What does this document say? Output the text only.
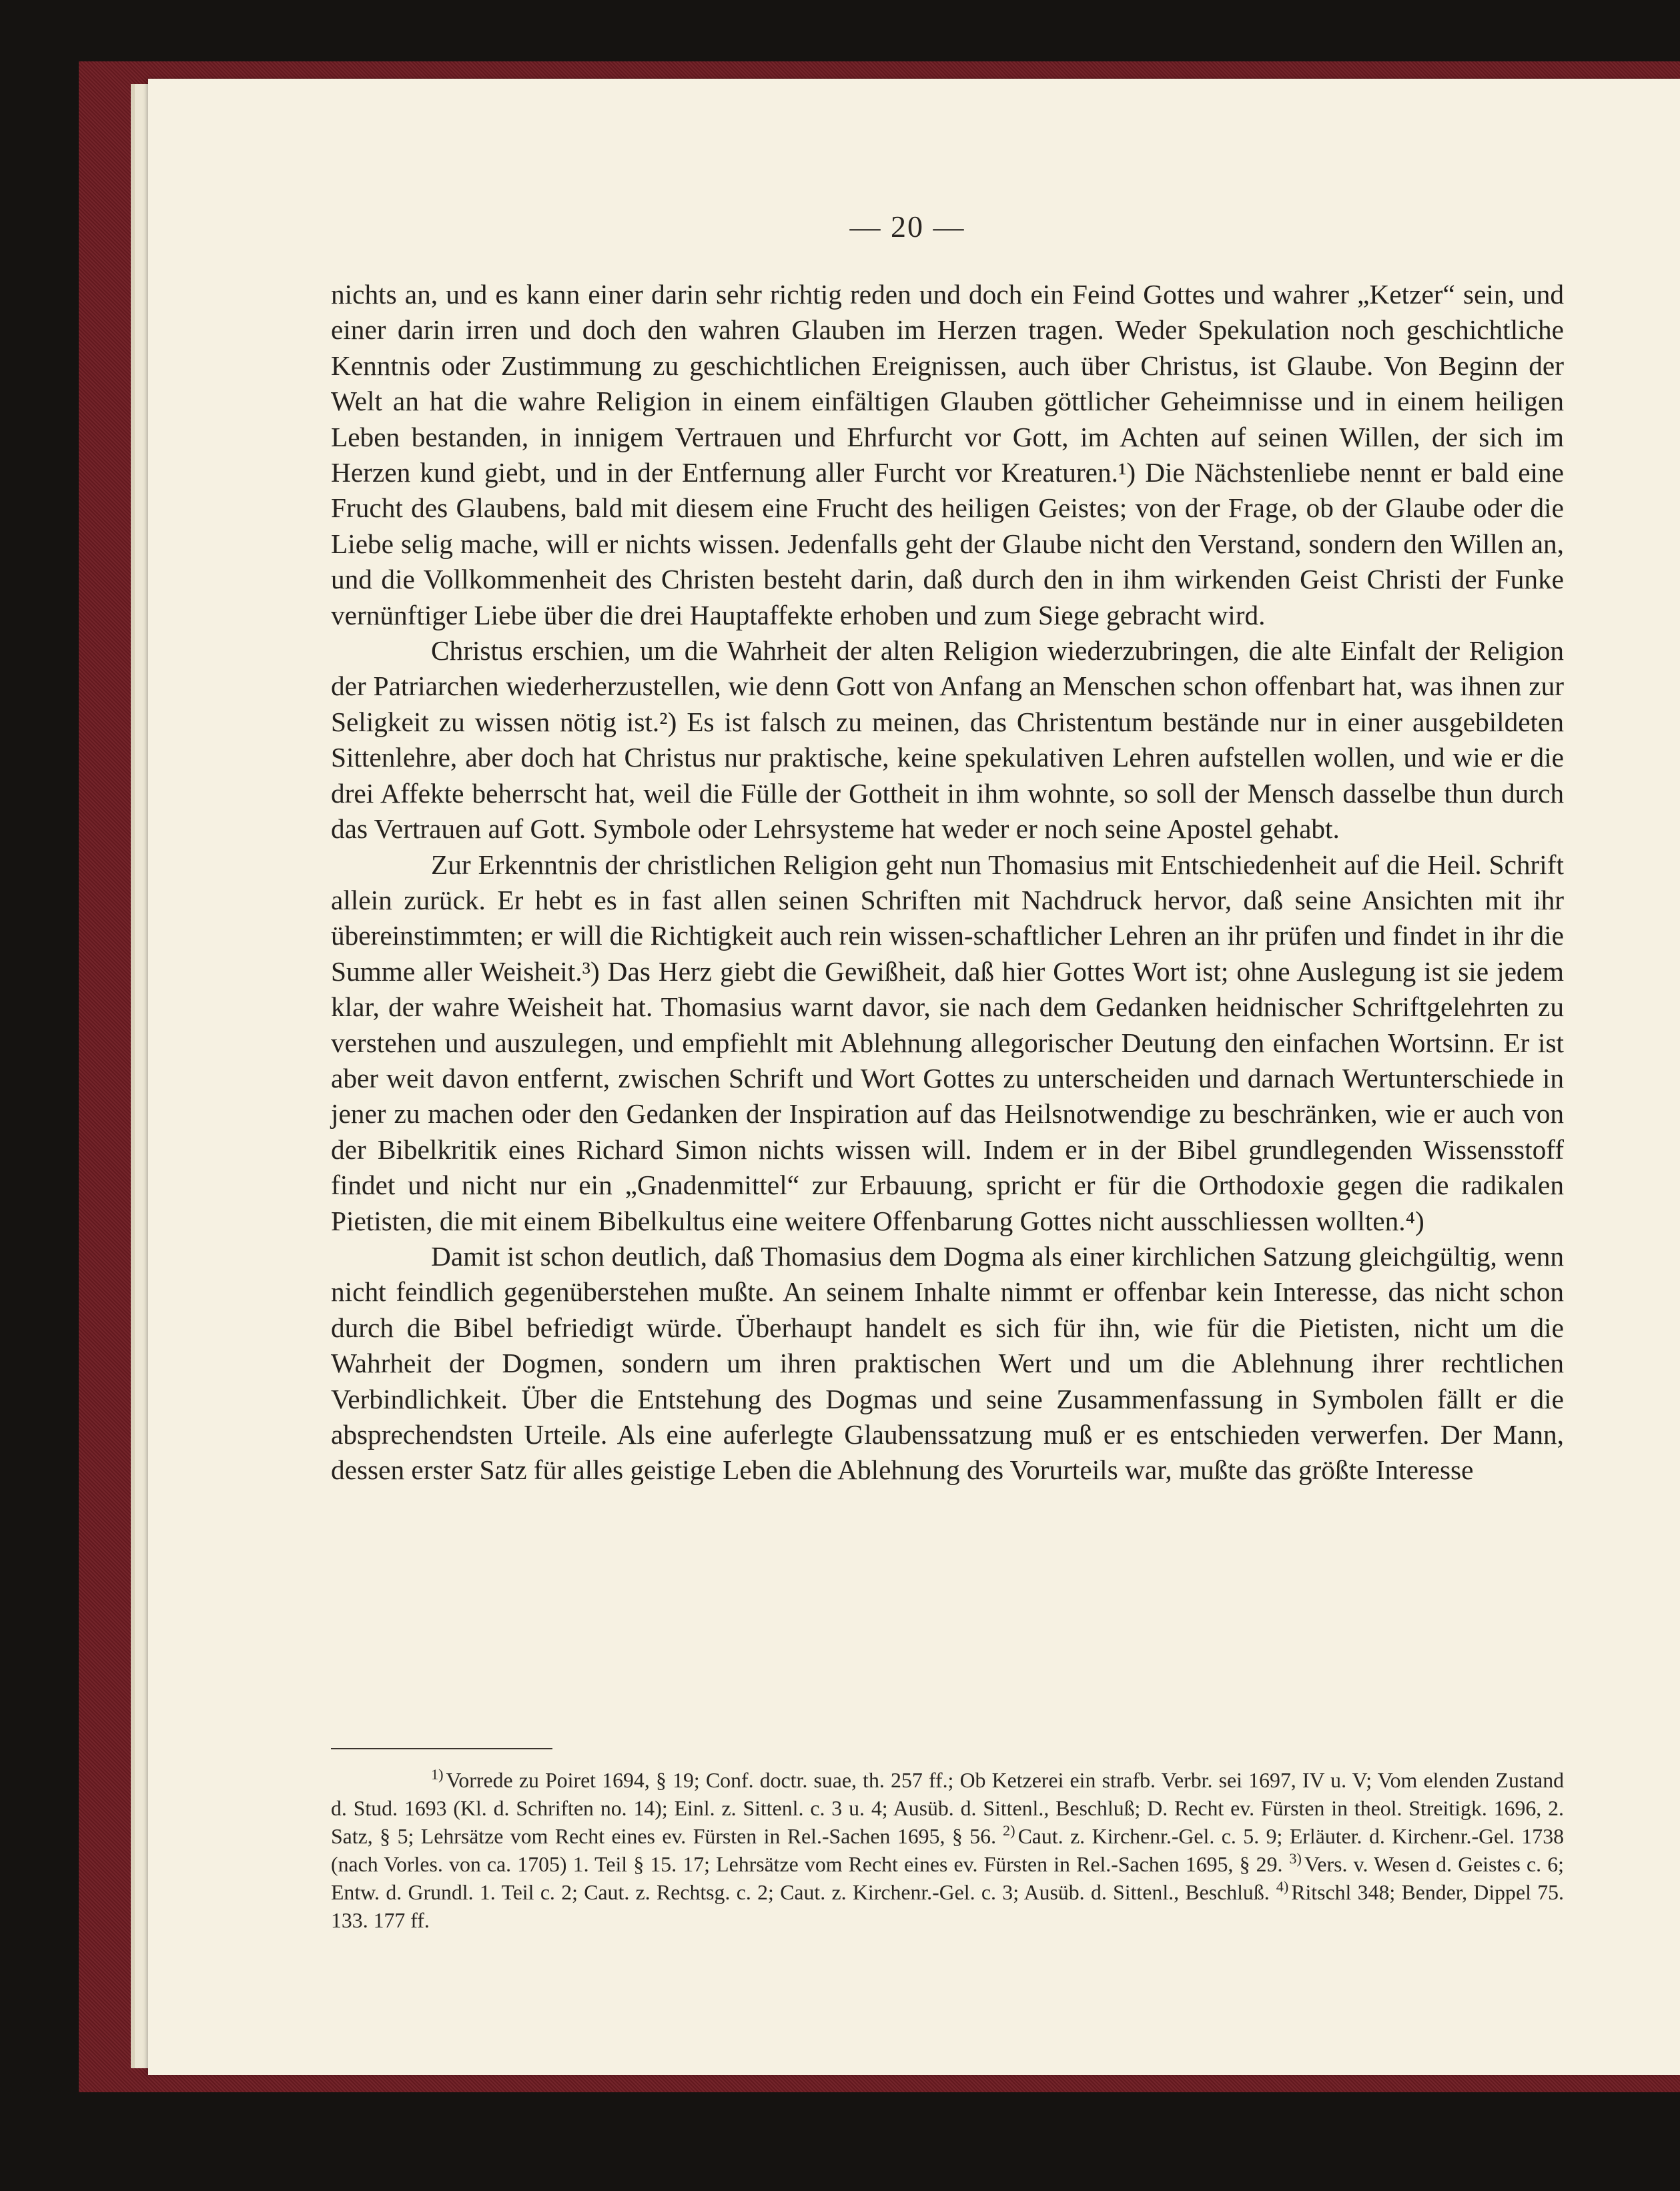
— 20 —

nichts an, und es kann einer darin sehr richtig reden und doch ein Feind Gottes und wahrer „Ketzer“ sein, und einer darin irren und doch den wahren Glauben im Herzen tragen. Weder Spekulation noch geschichtliche Kenntnis oder Zustimmung zu geschichtlichen Ereignissen, auch über Christus, ist Glaube. Von Beginn der Welt an hat die wahre Religion in einem einfältigen Glauben göttlicher Geheimnisse und in einem heiligen Leben bestanden, in innigem Vertrauen und Ehrfurcht vor Gott, im Achten auf seinen Willen, der sich im Herzen kund giebt, und in der Entfernung aller Furcht vor Kreaturen.¹) Die Nächstenliebe nennt er bald eine Frucht des Glaubens, bald mit diesem eine Frucht des heiligen Geistes; von der Frage, ob der Glaube oder die Liebe selig mache, will er nichts wissen. Jedenfalls geht der Glaube nicht den Verstand, sondern den Willen an, und die Vollkommenheit des Christen besteht darin, daß durch den in ihm wirkenden Geist Christi der Funke vernünftiger Liebe über die drei Hauptaffekte erhoben und zum Siege gebracht wird.

Christus erschien, um die Wahrheit der alten Religion wiederzubringen, die alte Einfalt der Religion der Patriarchen wiederherzustellen, wie denn Gott von Anfang an Menschen schon offenbart hat, was ihnen zur Seligkeit zu wissen nötig ist.²) Es ist falsch zu meinen, das Christentum bestände nur in einer ausgebildeten Sittenlehre, aber doch hat Christus nur praktische, keine spekulativen Lehren aufstellen wollen, und wie er die drei Affekte beherrscht hat, weil die Fülle der Gottheit in ihm wohnte, so soll der Mensch dasselbe thun durch das Vertrauen auf Gott. Symbole oder Lehrsysteme hat weder er noch seine Apostel gehabt.

Zur Erkenntnis der christlichen Religion geht nun Thomasius mit Entschiedenheit auf die Heil. Schrift allein zurück. Er hebt es in fast allen seinen Schriften mit Nachdruck hervor, daß seine Ansichten mit ihr übereinstimmten; er will die Richtigkeit auch rein wissen-schaftlicher Lehren an ihr prüfen und findet in ihr die Summe aller Weisheit.³) Das Herz giebt die Gewißheit, daß hier Gottes Wort ist; ohne Auslegung ist sie jedem klar, der wahre Weisheit hat. Thomasius warnt davor, sie nach dem Gedanken heidnischer Schriftgelehrten zu verstehen und auszulegen, und empfiehlt mit Ablehnung allegorischer Deutung den einfachen Wortsinn. Er ist aber weit davon entfernt, zwischen Schrift und Wort Gottes zu unterscheiden und darnach Wertunterschiede in jener zu machen oder den Gedanken der Inspiration auf das Heilsnotwendige zu beschränken, wie er auch von der Bibelkritik eines Richard Simon nichts wissen will. Indem er in der Bibel grundlegenden Wissensstoff findet und nicht nur ein „Gnadenmittel“ zur Erbauung, spricht er für die Orthodoxie gegen die radikalen Pietisten, die mit einem Bibelkultus eine weitere Offenbarung Gottes nicht ausschliessen wollten.⁴)

Damit ist schon deutlich, daß Thomasius dem Dogma als einer kirchlichen Satzung gleichgültig, wenn nicht feindlich gegenüberstehen mußte. An seinem Inhalte nimmt er offenbar kein Interesse, das nicht schon durch die Bibel befriedigt würde. Überhaupt handelt es sich für ihn, wie für die Pietisten, nicht um die Wahrheit der Dogmen, sondern um ihren praktischen Wert und um die Ablehnung ihrer rechtlichen Verbindlichkeit. Über die Entstehung des Dogmas und seine Zusammenfassung in Symbolen fällt er die absprechendsten Urteile. Als eine auferlegte Glaubenssatzung muß er es entschieden verwerfen. Der Mann, dessen erster Satz für alles geistige Leben die Ablehnung des Vorurteils war, mußte das größte Interesse

$^1$ ) Vorrede zu Poiret 1694, § 19; Conf. doctr. suae, th. 257 ff.; Ob Ketzerei ein strafb. Verbr. sei 1697, IV u. V; Vom elenden Zustand d. Stud. 1693 (Kl. d. Schriften no. 14); Einl. z. Sittenl. c. 3 u. 4; Ausüb. d. Sittenl., Beschluß; D. Recht ev. Fürsten in theol. Streitigk. 1696, 2. Satz, § 5; Lehrsätze vom Recht eines ev. Fürsten in Rel.-Sachen 1695, § 56. $^2$ ) Caut. z. Kirchenr.-Gel. c. 5. 9; Erläuter. d. Kirchenr.-Gel. 1738 (nach Vorles. von ca. 1705) 1. Teil § 15. 17; Lehrsätze vom Recht eines ev. Fürsten in Rel.-Sachen 1695, § 29. $^3$ ) Vers. v. Wesen d. Geistes c. 6; Entw. d. Grundl. 1. Teil c. 2; Caut. z. Rechtsg. c. 2; Caut. z. Kirchenr.-Gel. c. 3; Ausüb. d. Sittenl., Beschluß. $^4$ ) Ritschl 348; Bender, Dippel 75. 133. 177 ff.
